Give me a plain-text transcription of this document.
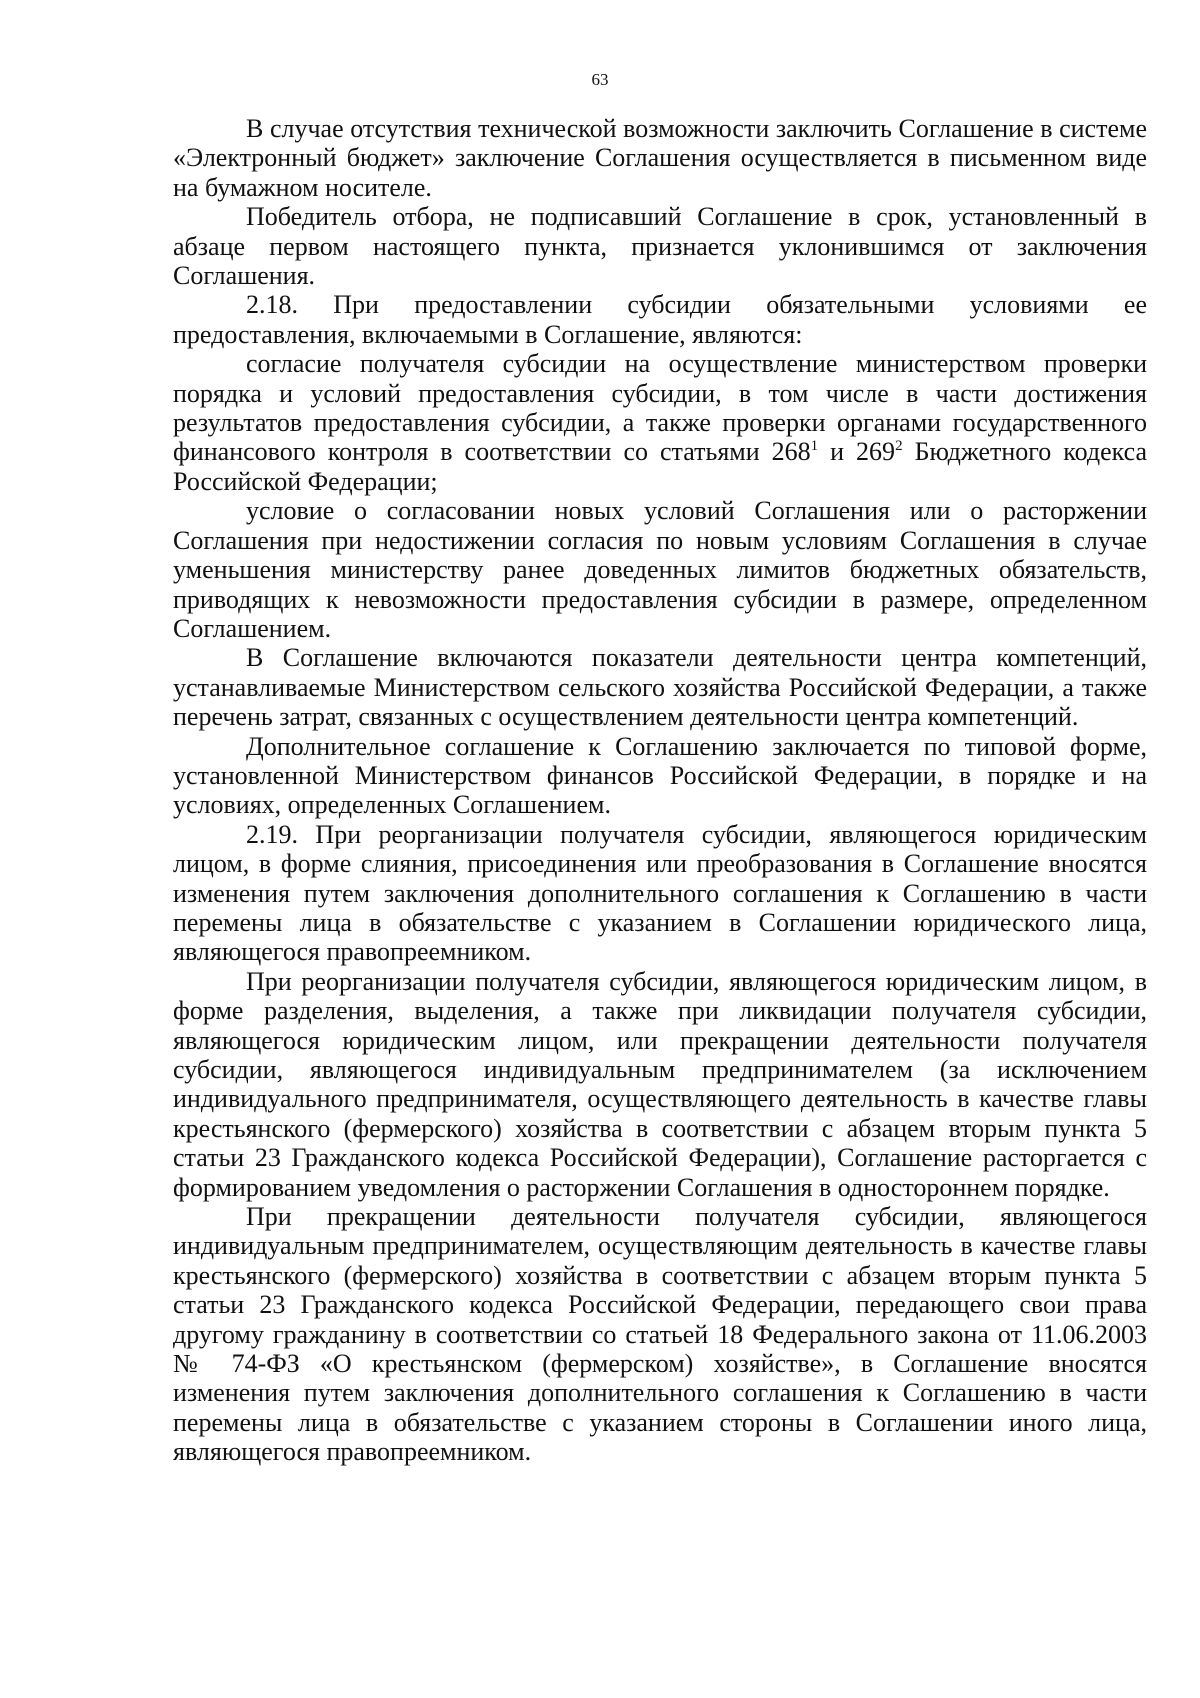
63

В случае отсутствия технической возможности заключить Соглашение в системе «Электронный бюджет» заключение Соглашения осуществляется в письменном виде на бумажном носителе.

Победитель отбора, не подписавший Соглашение в срок, установленный в абзаце первом настоящего пункта, признается уклонившимся от заключения Соглашения.

2.18. При предоставлении субсидии обязательными условиями ее предоставления, включаемыми в Соглашение, являются:

согласие получателя субсидии на осуществление министерством проверки порядка и условий предоставления субсидии, в том числе в части достижения результатов предоставления субсидии, а также проверки органами государственного финансового контроля в соответствии со статьями $268^1$ и $269^2$ Бюджетного кодекса Российской Федерации;

условие о согласовании новых условий Соглашения или о расторжении Соглашения при недостижении согласия по новым условиям Соглашения в случае уменьшения министерству ранее доведенных лимитов бюджетных обязательств, приводящих к невозможности предоставления субсидии в размере, определенном Соглашением.

В Соглашение включаются показатели деятельности центра компетенций, устанавливаемые Министерством сельского хозяйства Российской Федерации, а также перечень затрат, связанных с осуществлением деятельности центра компетенций.

Дополнительное соглашение к Соглашению заключается по типовой форме, установленной Министерством финансов Российской Федерации, в порядке и на условиях, определенных Соглашением.

2.19. При реорганизации получателя субсидии, являющегося юридическим лицом, в форме слияния, присоединения или преобразования в Соглашение вносятся изменения путем заключения дополнительного соглашения к Соглашению в части перемены лица в обязательстве с указанием в Соглашении юридического лица, являющегося правопреемником.

При реорганизации получателя субсидии, являющегося юридическим лицом, в форме разделения, выделения, а также при ликвидации получателя субсидии, являющегося юридическим лицом, или прекращении деятельности получателя субсидии, являющегося индивидуальным предпринимателем (за исключением индивидуального предпринимателя, осуществляющего деятельность в качестве главы крестьянского (фермерского) хозяйства в соответствии с абзацем вторым пункта 5 статьи 23 Гражданского кодекса Российской Федерации), Соглашение расторгается с формированием уведомления о расторжении Соглашения в одностороннем порядке.

При прекращении деятельности получателя субсидии, являющегося индивидуальным предпринимателем, осуществляющим деятельность в качестве главы крестьянского (фермерского) хозяйства в соответствии с абзацем вторым пункта 5 статьи 23 Гражданского кодекса Российской Федерации, передающего свои права другому гражданину в соответствии со статьей 18 Федерального закона от 11.06.2003 № 74-ФЗ «О крестьянском (фермерском) хозяйстве», в Соглашение вносятся изменения путем заключения дополнительного соглашения к Соглашению в части перемены лица в обязательстве с указанием стороны в Соглашении иного лица, являющегося правопреемником.
